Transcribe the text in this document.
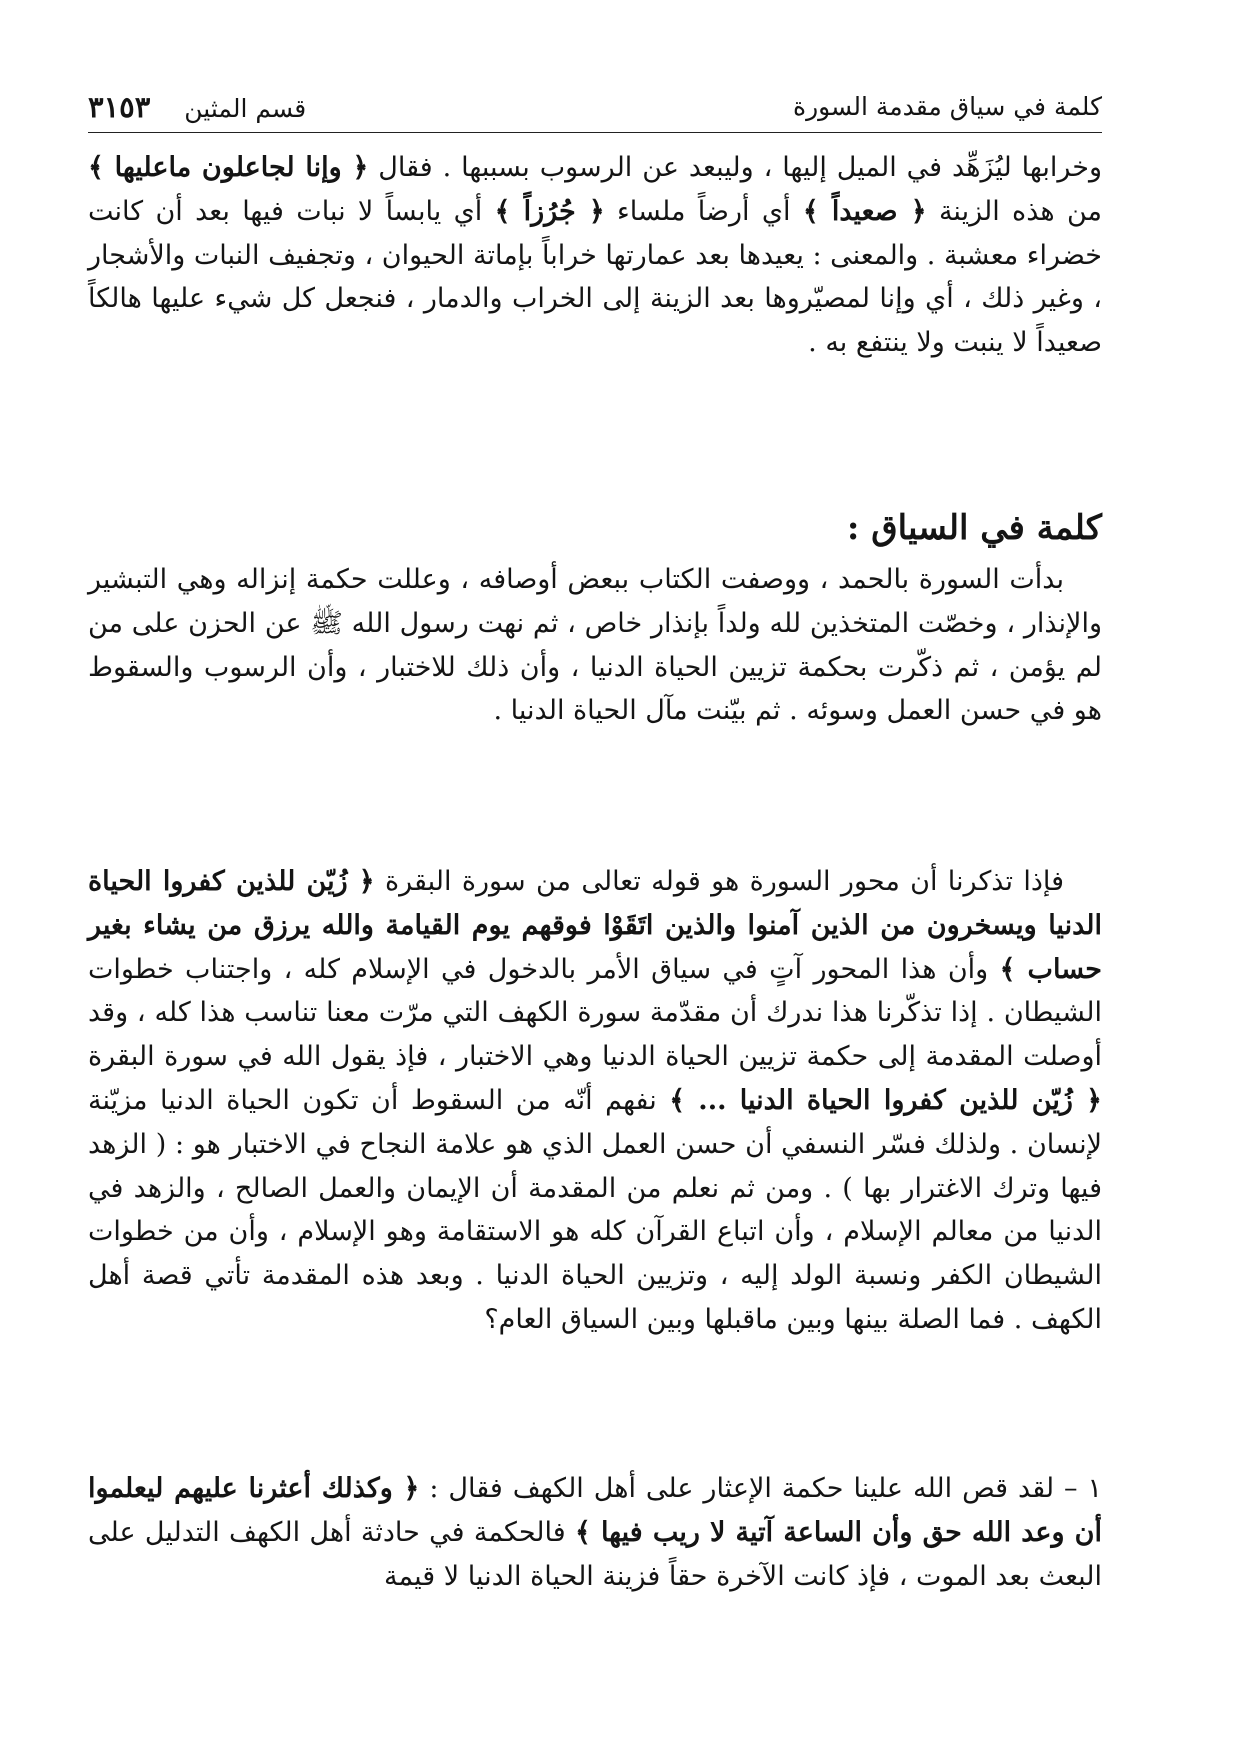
كلمة في سياق مقدمة السورة
قسم المثين ٣١٥٣

وخرابها ليُزَهِّد في الميل إليها ، وليبعد عن الرسوب بسببها . فقال ﴿ وإنا لجاعلون ماعليها ﴾ من هذه الزينة ﴿ صعيداً ﴾ أي أرضاً ملساء ﴿ جُرُزاً ﴾ أي يابساً لا نبات فيها بعد أن كانت خضراء معشبة . والمعنى : يعيدها بعد عمارتها خراباً بإماتة الحيوان ، وتجفيف النبات والأشجار ، وغير ذلك ، أي وإنا لمصيّروها بعد الزينة إلى الخراب والدمار ، فنجعل كل شيء عليها هالكاً صعيداً لا ينبت ولا ينتفع به .

كلمة في السياق :

بدأت السورة بالحمد ، ووصفت الكتاب ببعض أوصافه ، وعللت حكمة إنزاله وهي التبشير والإنذار ، وخصّت المتخذين لله ولداً بإنذار خاص ، ثم نهت رسول الله ﷺ عن الحزن على من لم يؤمن ، ثم ذكّرت بحكمة تزيين الحياة الدنيا ، وأن ذلك للاختبار ، وأن الرسوب والسقوط هو في حسن العمل وسوئه . ثم بيّنت مآل الحياة الدنيا .

فإذا تذكرنا أن محور السورة هو قوله تعالى من سورة البقرة ﴿ زُيّن للذين كفروا الحياة الدنيا ويسخرون من الذين آمنوا والذين اتَقَوْا فوقهم يوم القيامة والله يرزق من يشاء بغير حساب ﴾ وأن هذا المحور آتٍ في سياق الأمر بالدخول في الإسلام كله ، واجتناب خطوات الشيطان . إذا تذكّرنا هذا ندرك أن مقدّمة سورة الكهف التي مرّت معنا تناسب هذا كله ، وقد أوصلت المقدمة إلى حكمة تزيين الحياة الدنيا وهي الاختبار ، فإذ يقول الله في سورة البقرة ﴿ زُيّن للذين كفروا الحياة الدنيا ... ﴾ نفهم أنّه من السقوط أن تكون الحياة الدنيا مزيّنة لإنسان . ولذلك فسّر النسفي أن حسن العمل الذي هو علامة النجاح في الاختبار هو : ( الزهد فيها وترك الاغترار بها ) . ومن ثم نعلم من المقدمة أن الإيمان والعمل الصالح ، والزهد في الدنيا من معالم الإسلام ، وأن اتباع القرآن كله هو الاستقامة وهو الإسلام ، وأن من خطوات الشيطان الكفر ونسبة الولد إليه ، وتزيين الحياة الدنيا . وبعد هذه المقدمة تأتي قصة أهل الكهف . فما الصلة بينها وبين ماقبلها وبين السياق العام؟

١ – لقد قص الله علينا حكمة الإعثار على أهل الكهف فقال : ﴿ وكذلك أعثرنا عليهم ليعلموا أن وعد الله حق وأن الساعة آتية لا ريب فيها ﴾ فالحكمة في حادثة أهل الكهف التدليل على البعث بعد الموت ، فإذ كانت الآخرة حقاً فزينة الحياة الدنيا لا قيمة
